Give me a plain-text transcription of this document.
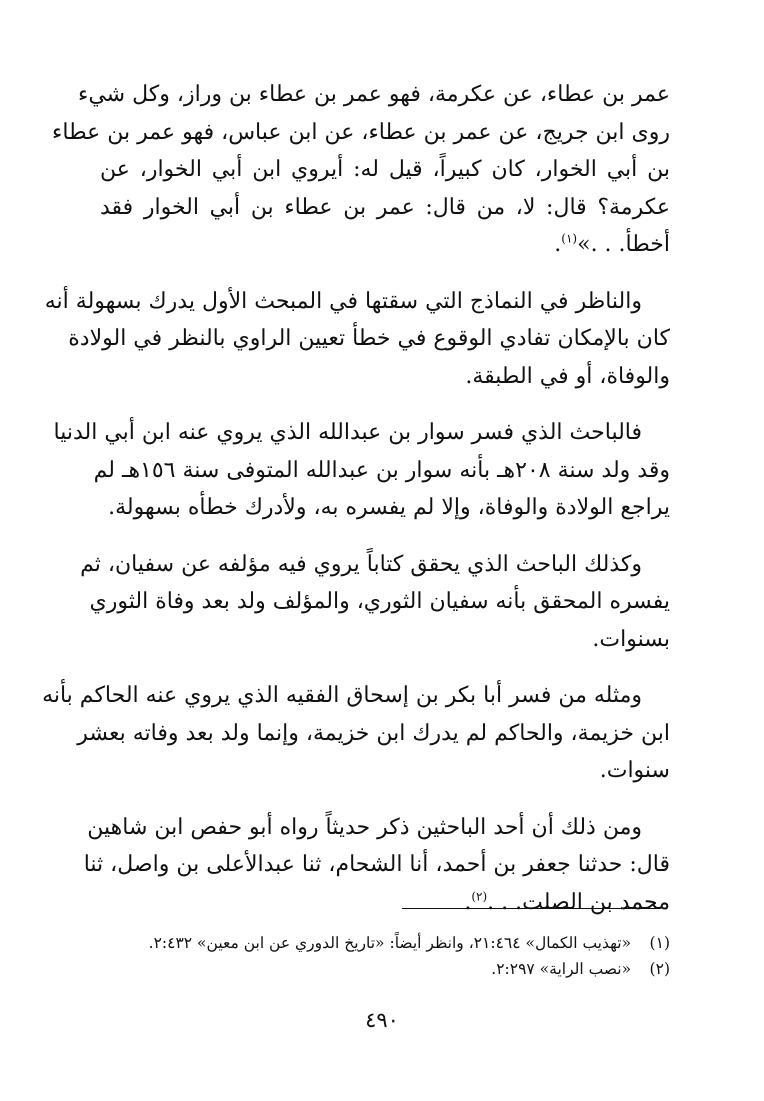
عمر بن عطاء، عن عكرمة، فهو عمر بن عطاء بن وراز، وكل شيء
روى ابن جريج، عن عمر بن عطاء، عن ابن عباس، فهو عمر بن عطاء
بن أبي الخوار، كان كبيراً، قيل له: أيروي ابن أبي الخوار، عن
عكرمة؟ قال: لا، من قال: عمر بن عطاء بن أبي الخوار فقد
أخطأ. . .»$^{(١)}$.
والناظر في النماذج التي سقتها في المبحث الأول يدرك بسهولة أنه
كان بالإمكان تفادي الوقوع في خطأ تعيين الراوي بالنظر في الولادة
والوفاة، أو في الطبقة.
فالباحث الذي فسر سوار بن عبدالله الذي يروي عنه ابن أبي الدنيا
وقد ولد سنة ٢٠٨هـ بأنه سوار بن عبدالله المتوفى سنة ١٥٦هـ لم
يراجع الولادة والوفاة، وإلا لم يفسره به، ولأدرك خطأه بسهولة.
وكذلك الباحث الذي يحقق كتاباً يروي فيه مؤلفه عن سفيان، ثم
يفسره المحقق بأنه سفيان الثوري، والمؤلف ولد بعد وفاة الثوري
بسنوات.
ومثله من فسر أبا بكر بن إسحاق الفقيه الذي يروي عنه الحاكم بأنه
ابن خزيمة، والحاكم لم يدرك ابن خزيمة، وإنما ولد بعد وفاته بعشر
سنوات.
ومن ذلك أن أحد الباحثين ذكر حديثاً رواه أبو حفص ابن شاهين
قال: حدثنا جعفر بن أحمد، أنا الشحام، ثنا عبدالأعلى بن واصل، ثنا
محمد بن الصلت. . .$^{(٢)}$.
(١) «تهذيب الكمال» ٢١:٤٦٤، وانظر أيضاً: «تاريخ الدوري عن ابن معين» ٢:٤٣٢.
(٢) «نصب الراية» ٢:٢٩٧.
٤٩٠
